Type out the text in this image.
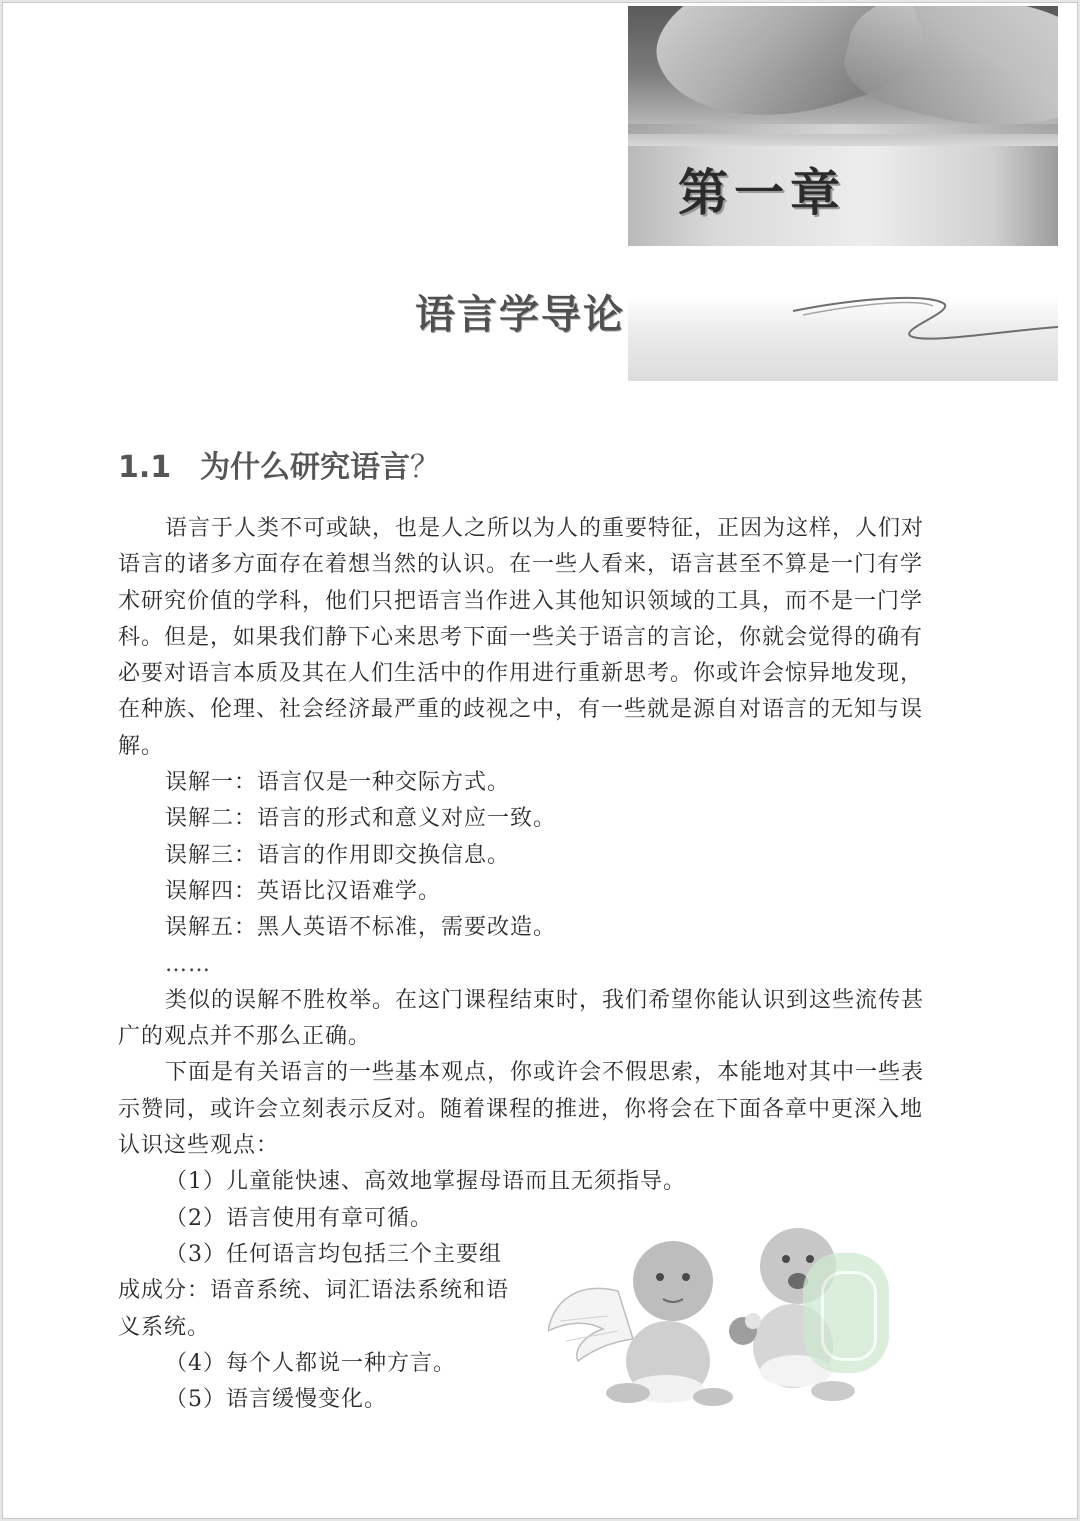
第一章
语言学导论
1.1 为什么研究语言？

语言于人类不可或缺，也是人之所以为人的重要特征，正因为这样，人们对语言的诸多方面存在着想当然的认识。在一些人看来，语言甚至不算是一门有学术研究价值的学科，他们只把语言当作进入其他知识领域的工具，而不是一门学科。但是，如果我们静下心来思考下面一些关于语言的言论，你就会觉得的确有必要对语言本质及其在人们生活中的作用进行重新思考。你或许会惊异地发现，在种族、伦理、社会经济最严重的歧视之中，有一些就是源自对语言的无知与误解。

误解一：语言仅是一种交际方式。

误解二：语言的形式和意义对应一致。

误解三：语言的作用即交换信息。

误解四：英语比汉语难学。

误解五：黑人英语不标准，需要改造。

……

类似的误解不胜枚举。在这门课程结束时，我们希望你能认识到这些流传甚广的观点并不那么正确。

下面是有关语言的一些基本观点，你或许会不假思索，本能地对其中一些表示赞同，或许会立刻表示反对。随着课程的推进，你将会在下面各章中更深入地认识这些观点：

（1）儿童能快速、高效地掌握母语而且无须指导。

（2）语言使用有章可循。

（3）任何语言均包括三个主要组成成分：语音系统、词汇语法系统和语义系统。

（4）每个人都说一种方言。

（5）语言缓慢变化。
